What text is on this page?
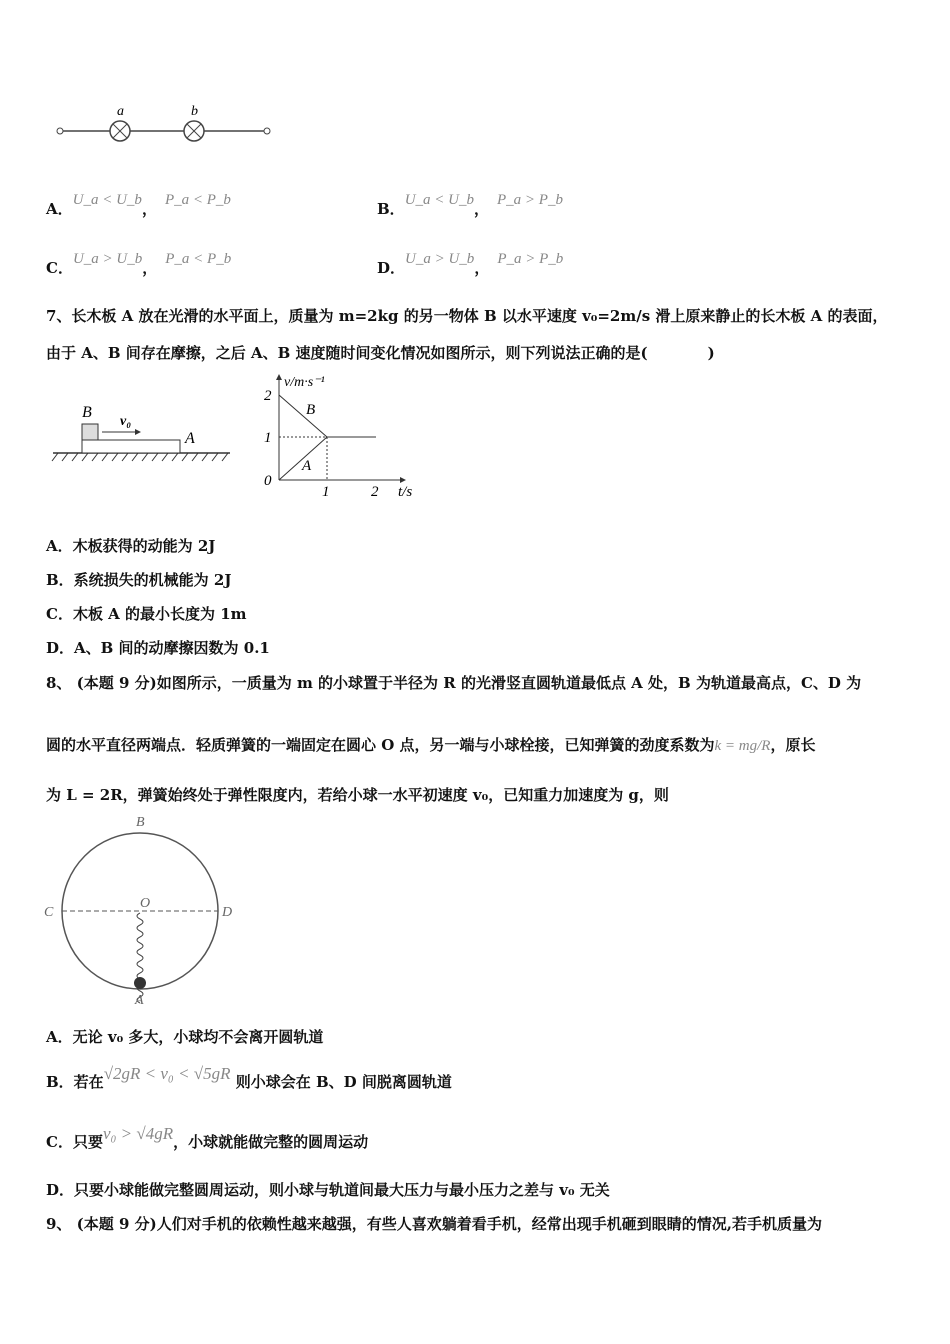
a	b
A．U_a < U_b， P_a < P_b	B．U_a < U_b， P_a > P_b
C．U_a > U_b， P_a < P_b	D．U_a > U_b， P_a > P_b
7、长木板 A 放在光滑的水平面上，质量为 m=2kg 的另一物体 B 以水平速度 v₀=2m/s 滑上原来静止的长木板 A 的表面，
由于 A、B 间存在摩擦，之后 A、B 速度随时间变化情况如图所示，则下列说法正确的是(　　　　)
B
v₀
A
2
1
0
1	2
v/m·s⁻¹
t/s
B
A
A．木板获得的动能为 2J
B．系统损失的机械能为 2J
C．木板 A 的最小长度为 1m
D．A、B 间的动摩擦因数为 0.1
8、 (本题 9 分)如图所示，一质量为 m 的小球置于半径为 R 的光滑竖直圆轨道最低点 A 处，B 为轨道最高点，C、D 为
圆的水平直径两端点．轻质弹簧的一端固定在圆心 O 点，另一端与小球栓接，已知弹簧的劲度系数为k = mg/R，原长
为 L = 2R，弹簧始终处于弹性限度内，若给小球一水平初速度 v₀，已知重力加速度为 g，则
B
C	D
O
A
A．无论 v₀ 多大，小球均不会离开圆轨道
B．若在√2gR < v₀ < √5gR 则小球会在 B、D 间脱离圆轨道
C．只要v₀ > √4gR，小球就能做完整的圆周运动
D．只要小球能做完整圆周运动，则小球与轨道间最大压力与最小压力之差与 v₀ 无关
9、 (本题 9 分)人们对手机的依赖性越来越强，有些人喜欢躺着看手机，经常出现手机砸到眼睛的情况,若手机质量为
